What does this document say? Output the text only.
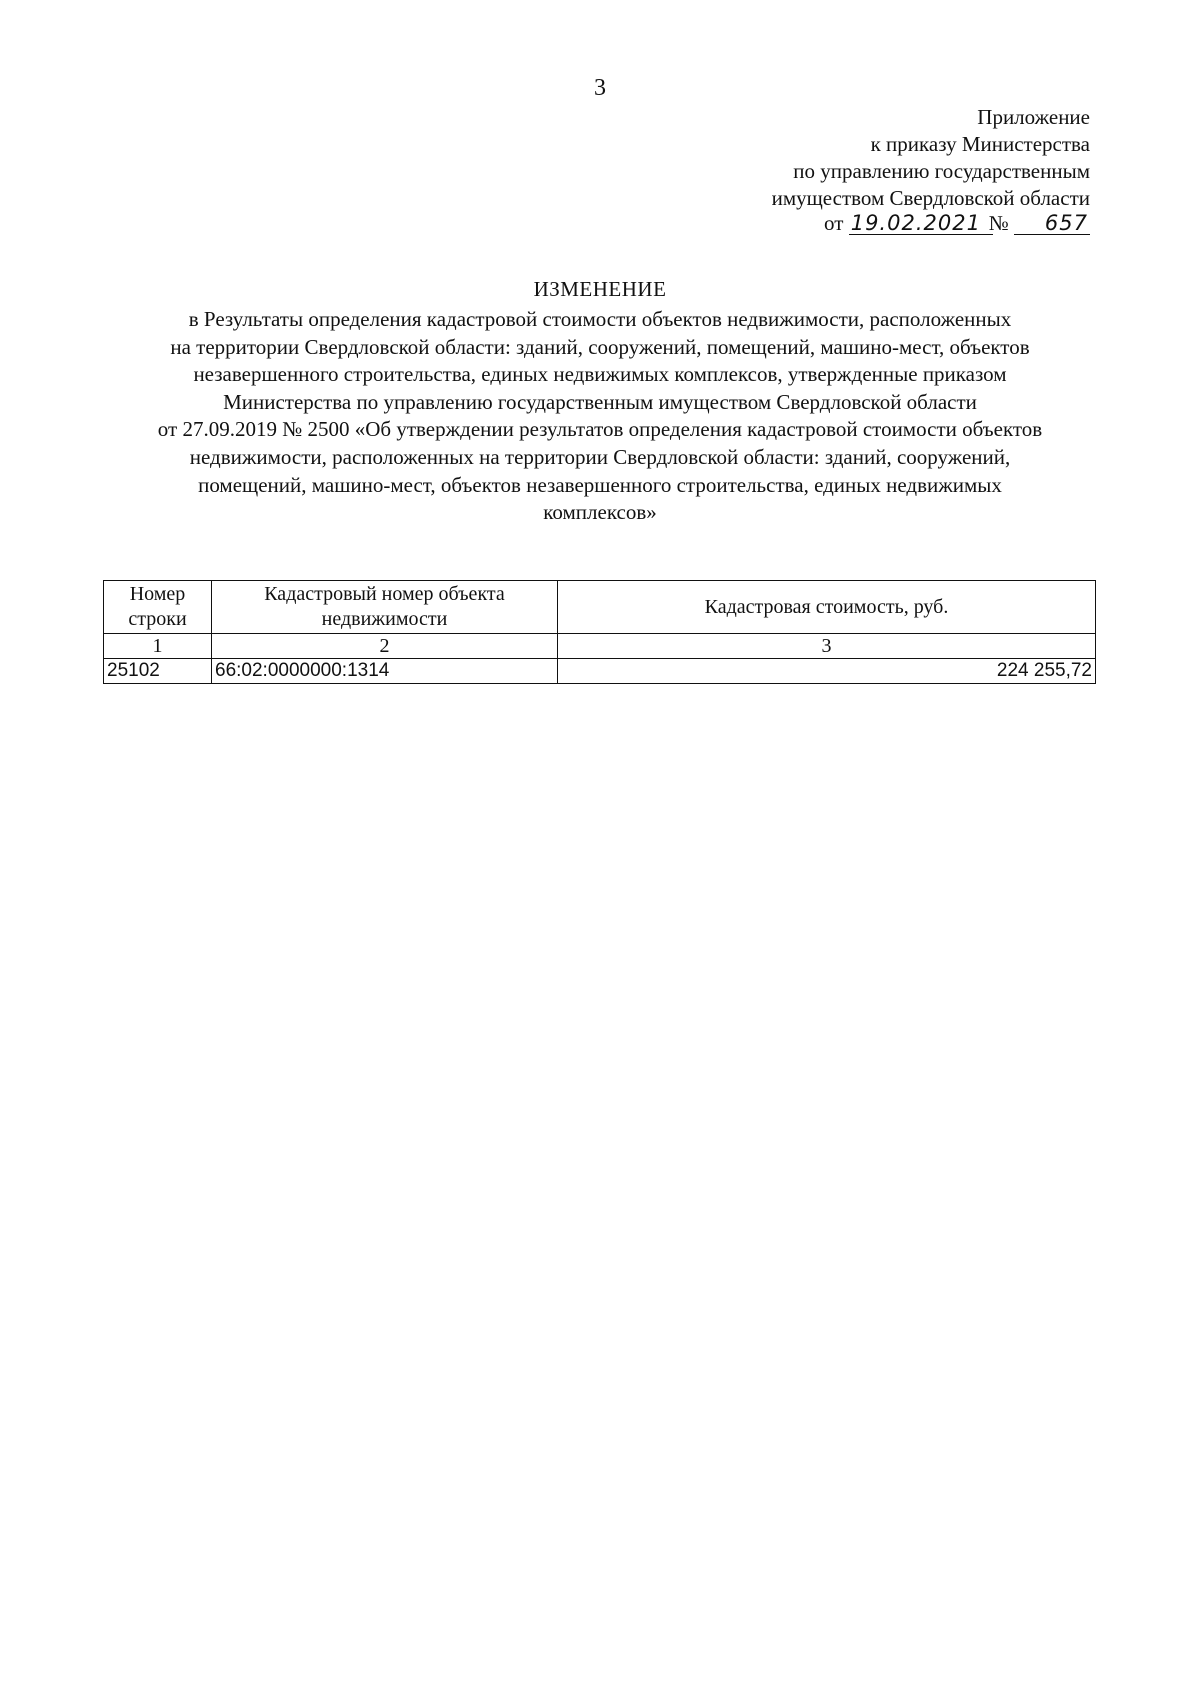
3
Приложение
к приказу Министерства
по управлению государственным
имуществом Свердловской области
от 19.02.2021 № 657
ИЗМЕНЕНИЕ
в Результаты определения кадастровой стоимости объектов недвижимости, расположенных
на территории Свердловской области: зданий, сооружений, помещений, машино-мест, объектов
незавершенного строительства, единых недвижимых комплексов, утвержденные приказом
Министерства по управлению государственным имуществом Свердловской области
от 27.09.2019 № 2500 «Об утверждении результатов определения кадастровой стоимости объектов
недвижимости, расположенных на территории Свердловской области: зданий, сооружений,
помещений, машино-мест, объектов незавершенного строительства, единых недвижимых
комплексов»
Номер строки	Кадастровый номер объекта недвижимости	Кадастровая стоимость, руб.
1	2	3
25102	66:02:0000000:1314	224 255,72
